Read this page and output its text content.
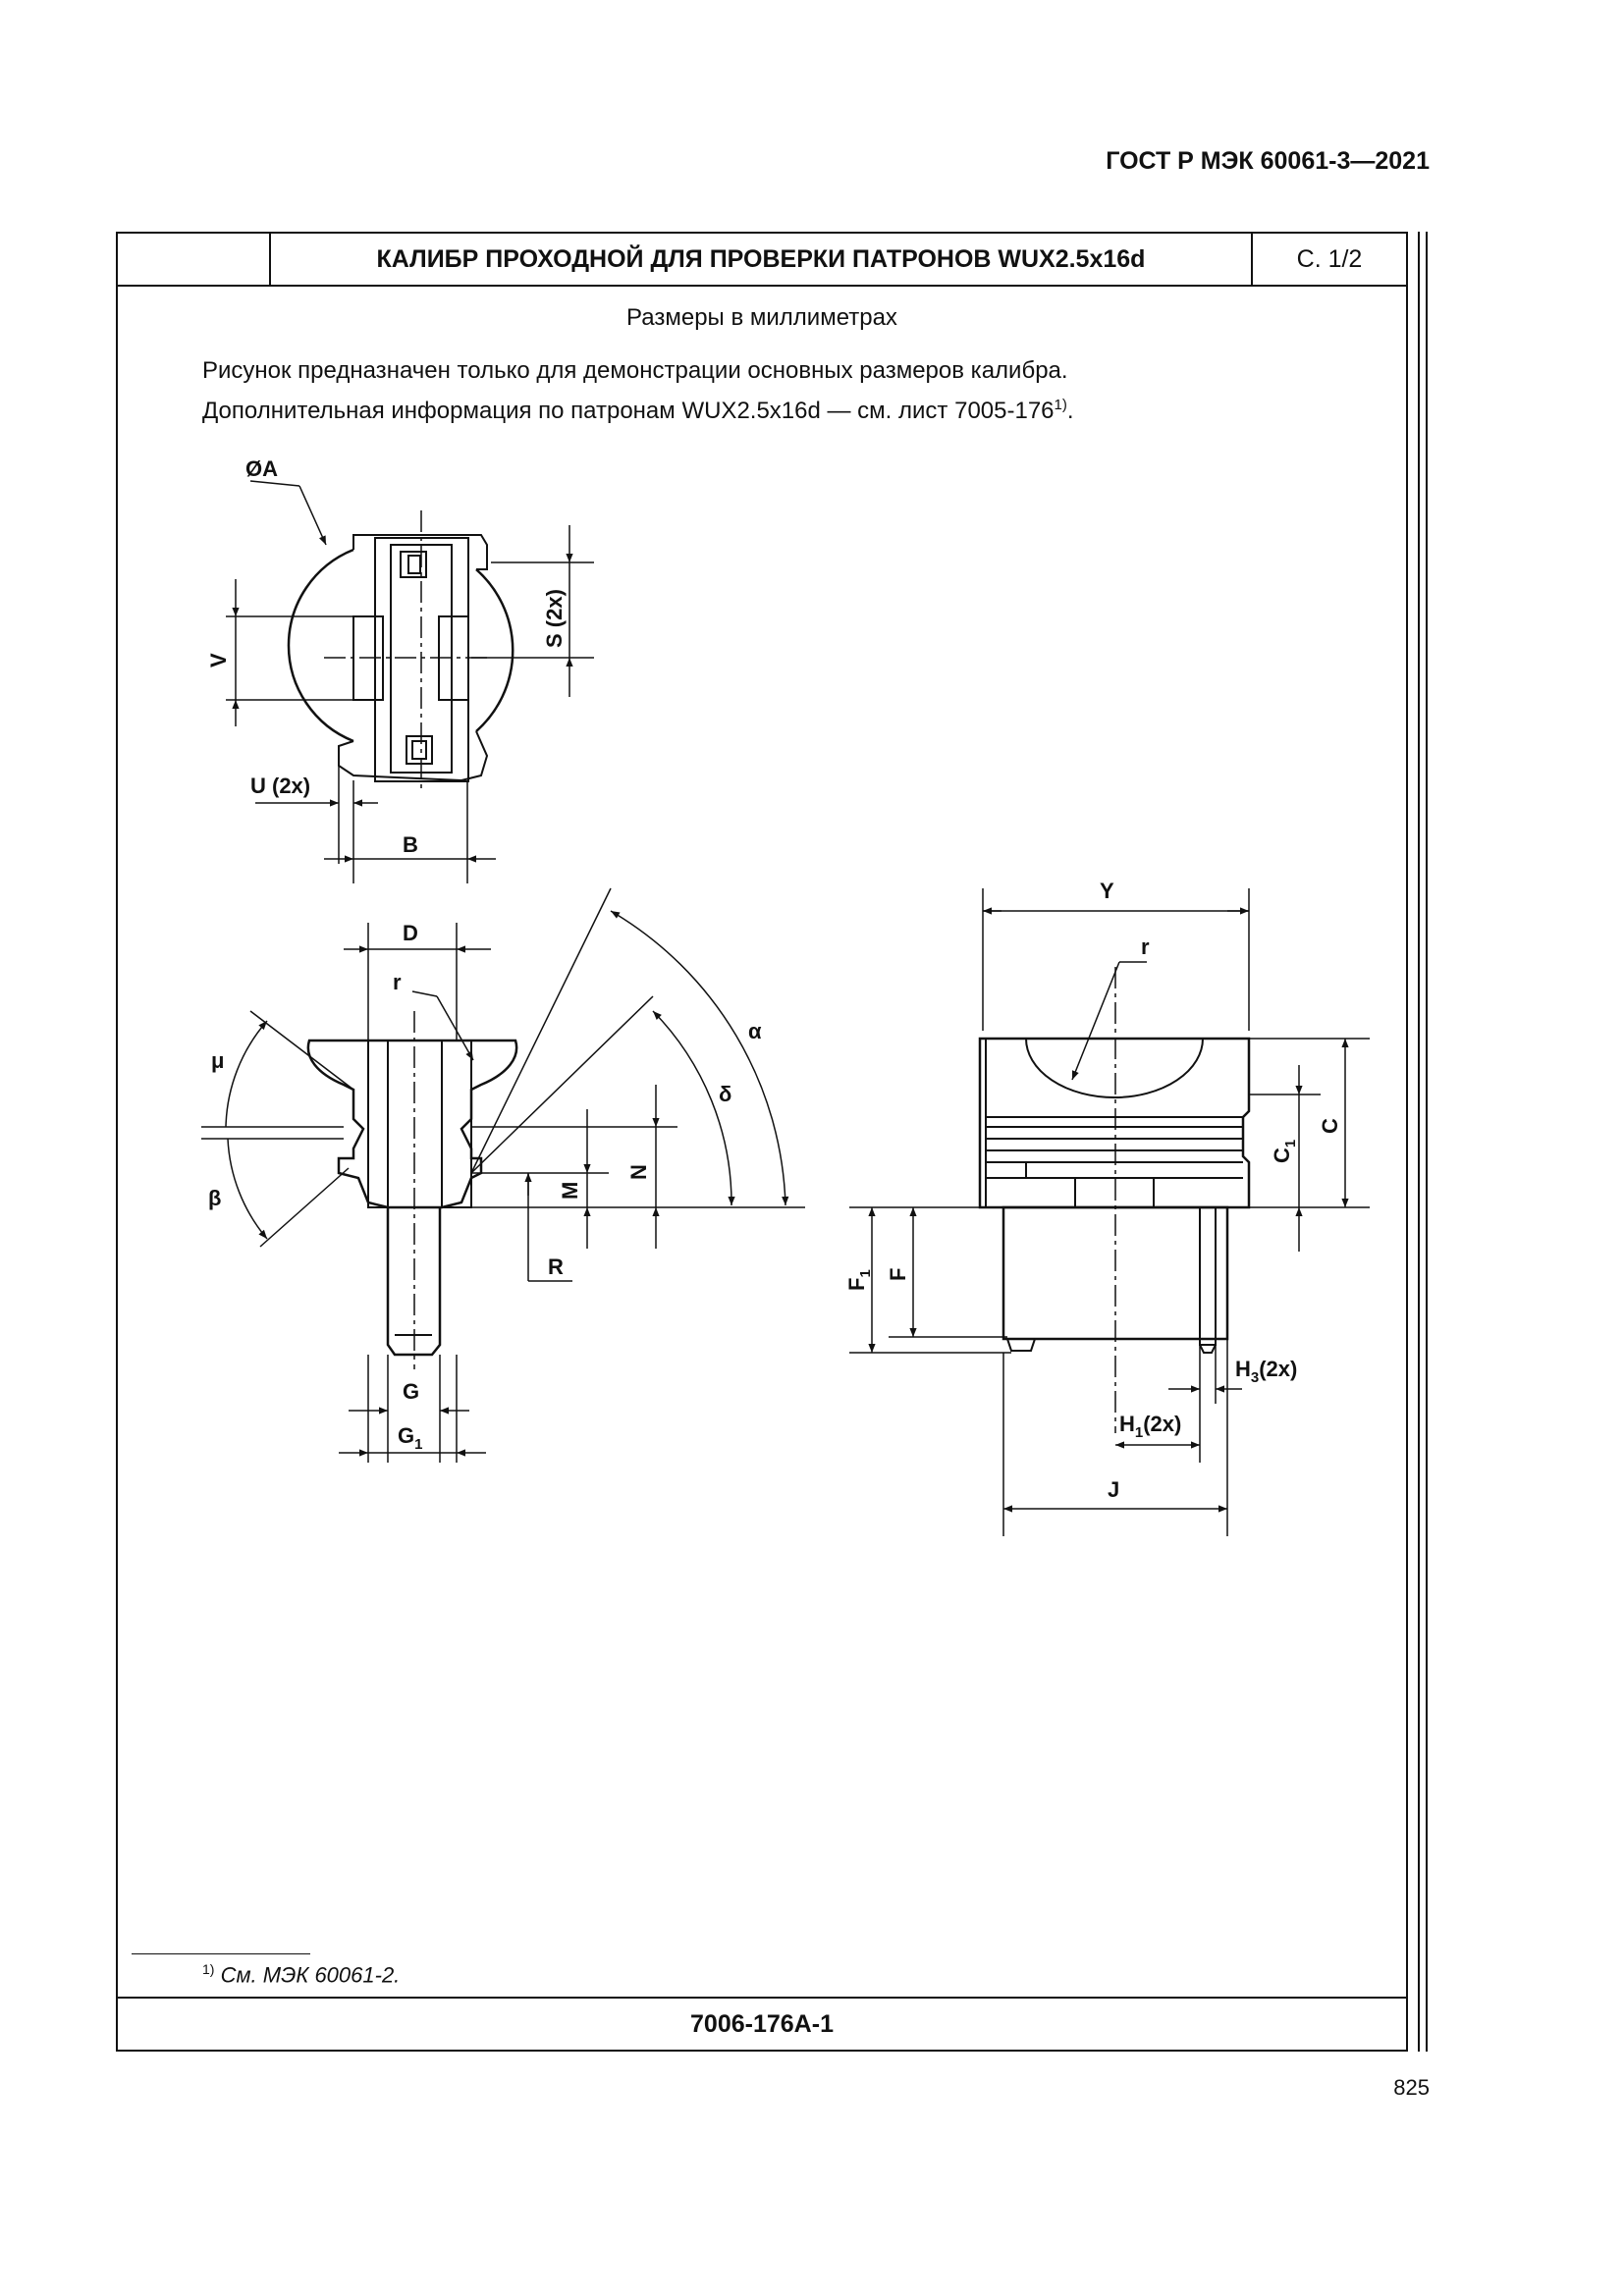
ГОСТ Р МЭК 60061-3—2021
КАЛИБР ПРОХОДНОЙ ДЛЯ ПРОВЕРКИ ПАТРОНОВ WUX2.5x16d	С. 1/2
Размеры в миллиметрах
Рисунок предназначен только для демонстрации основных размеров калибра.
Дополнительная информация по патронам WUX2.5x16d — см. лист 7005-176$^{1)}$.
$^{1)}$ См. МЭК 60061-2.
7006-176A-1
825
ØA
S (2x)
V
U (2x)
B
D
r
μ
β
α
δ
M
N
R
G
$G_1$
Y
r
C
$C_1$
F
$F_1$
$H_3(2x)$
$H_1(2x)$
J
